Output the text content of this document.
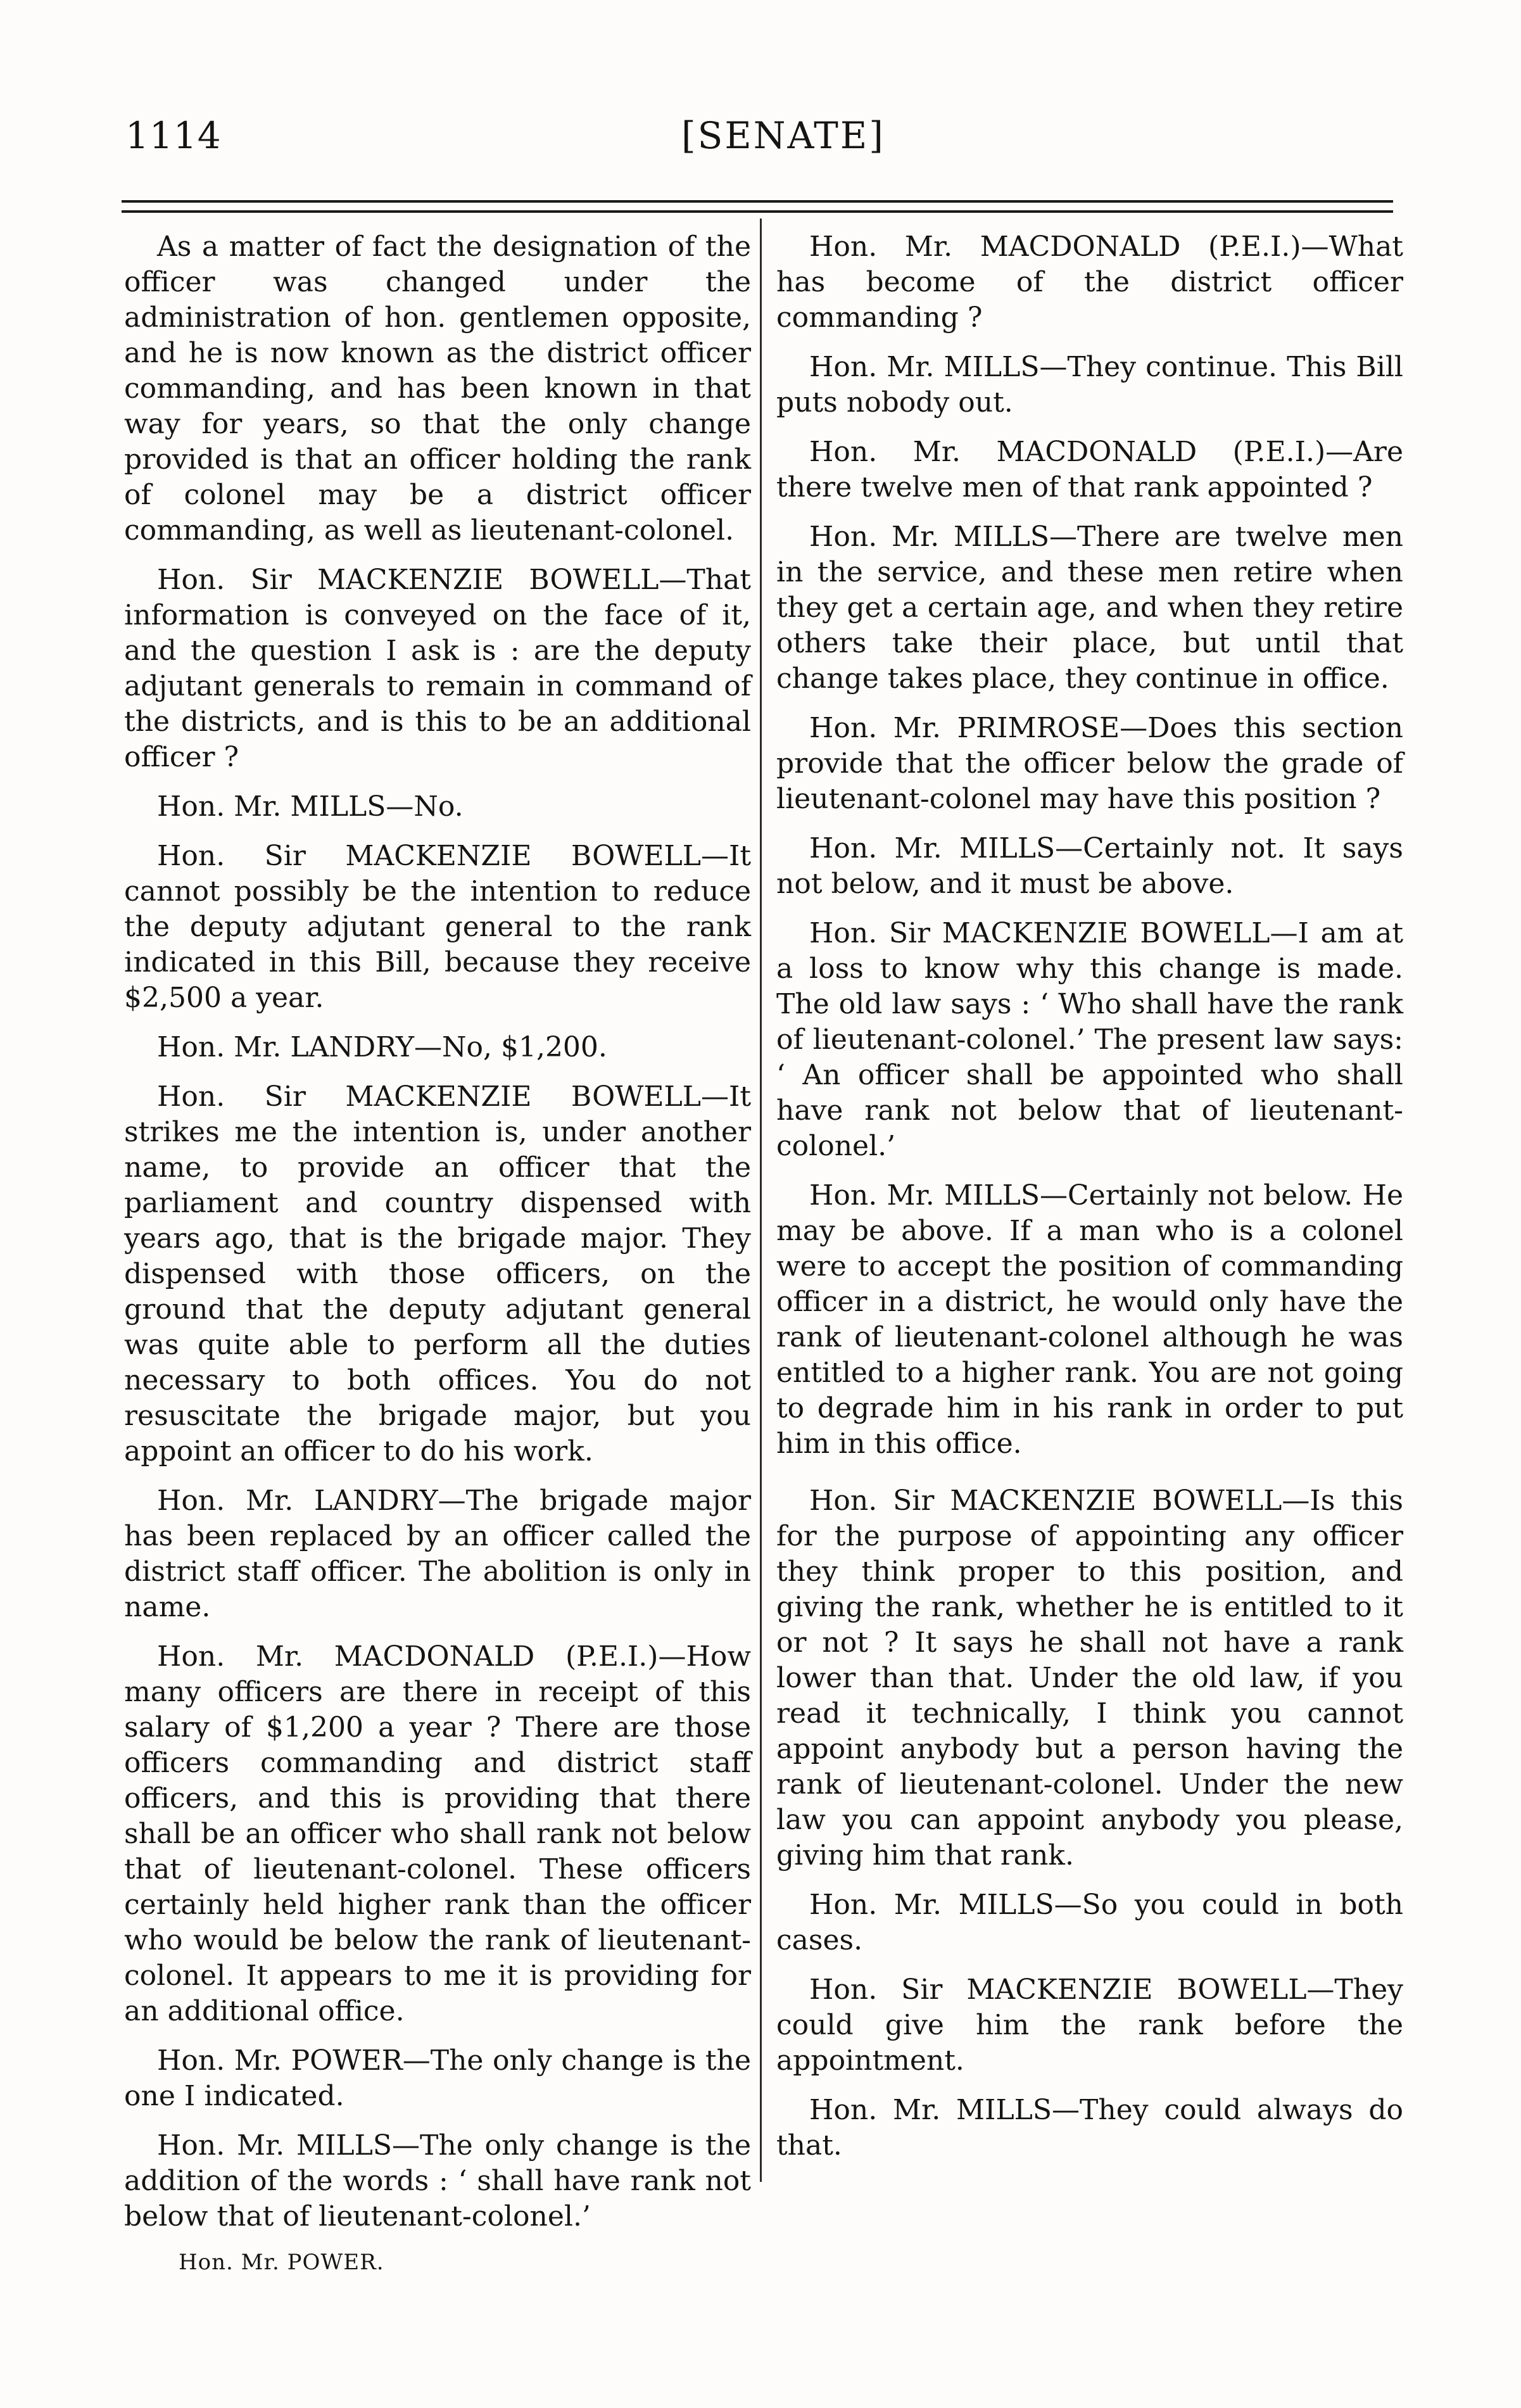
1114	[SENATE]

As a matter of fact the designation of the officer was changed under the administration of hon. gentlemen opposite, and he is now known as the district officer commanding, and has been known in that way for years, so that the only change provided is that an officer holding the rank of colonel may be a district officer commanding, as well as lieutenant-colonel.

Hon. Sir MACKENZIE BOWELL—That information is conveyed on the face of it, and the question I ask is : are the deputy adjutant generals to remain in command of the districts, and is this to be an additional officer ?

Hon. Mr. MILLS—No.

Hon. Sir MACKENZIE BOWELL—It cannot possibly be the intention to reduce the deputy adjutant general to the rank indicated in this Bill, because they receive $2,500 a year.

Hon. Mr. LANDRY—No, $1,200.

Hon. Sir MACKENZIE BOWELL—It strikes me the intention is, under another name, to provide an officer that the parliament and country dispensed with years ago, that is the brigade major. They dispensed with those officers, on the ground that the deputy adjutant general was quite able to perform all the duties necessary to both offices. You do not resuscitate the brigade major, but you appoint an officer to do his work.

Hon. Mr. LANDRY—The brigade major has been replaced by an officer called the district staff officer. The abolition is only in name.

Hon. Mr. MACDONALD (P.E.I.)—How many officers are there in receipt of this salary of $1,200 a year ? There are those officers commanding and district staff officers, and this is providing that there shall be an officer who shall rank not below that of lieutenant-colonel. These officers certainly held higher rank than the officer who would be below the rank of lieutenant-colonel. It appears to me it is providing for an additional office.

Hon. Mr. POWER—The only change is the one I indicated.

Hon. Mr. MILLS—The only change is the addition of the words : ‘ shall have rank not below that of lieutenant-colonel.’

Hon. Mr. POWER.

Hon. Mr. MACDONALD (P.E.I.)—What has become of the district officer commanding ?

Hon. Mr. MILLS—They continue. This Bill puts nobody out.

Hon. Mr. MACDONALD (P.E.I.)—Are there twelve men of that rank appointed ?

Hon. Mr. MILLS—There are twelve men in the service, and these men retire when they get a certain age, and when they retire others take their place, but until that change takes place, they continue in office.

Hon. Mr. PRIMROSE—Does this section provide that the officer below the grade of lieutenant-colonel may have this position ?

Hon. Mr. MILLS—Certainly not. It says not below, and it must be above.

Hon. Sir MACKENZIE BOWELL—I am at a loss to know why this change is made. The old law says : ‘ Who shall have the rank of lieutenant-colonel.’ The present law says: ‘ An officer shall be appointed who shall have rank not below that of lieutenant-colonel.’

Hon. Mr. MILLS—Certainly not below. He may be above. If a man who is a colonel were to accept the position of commanding officer in a district, he would only have the rank of lieutenant-colonel although he was entitled to a higher rank. You are not going to degrade him in his rank in order to put him in this office.

Hon. Sir MACKENZIE BOWELL—Is this for the purpose of appointing any officer they think proper to this position, and giving the rank, whether he is entitled to it or not ? It says he shall not have a rank lower than that. Under the old law, if you read it technically, I think you cannot appoint anybody but a person having the rank of lieutenant-colonel. Under the new law you can appoint anybody you please, giving him that rank.

Hon. Mr. MILLS—So you could in both cases.

Hon. Sir MACKENZIE BOWELL—They could give him the rank before the appointment.

Hon. Mr. MILLS—They could always do that.
